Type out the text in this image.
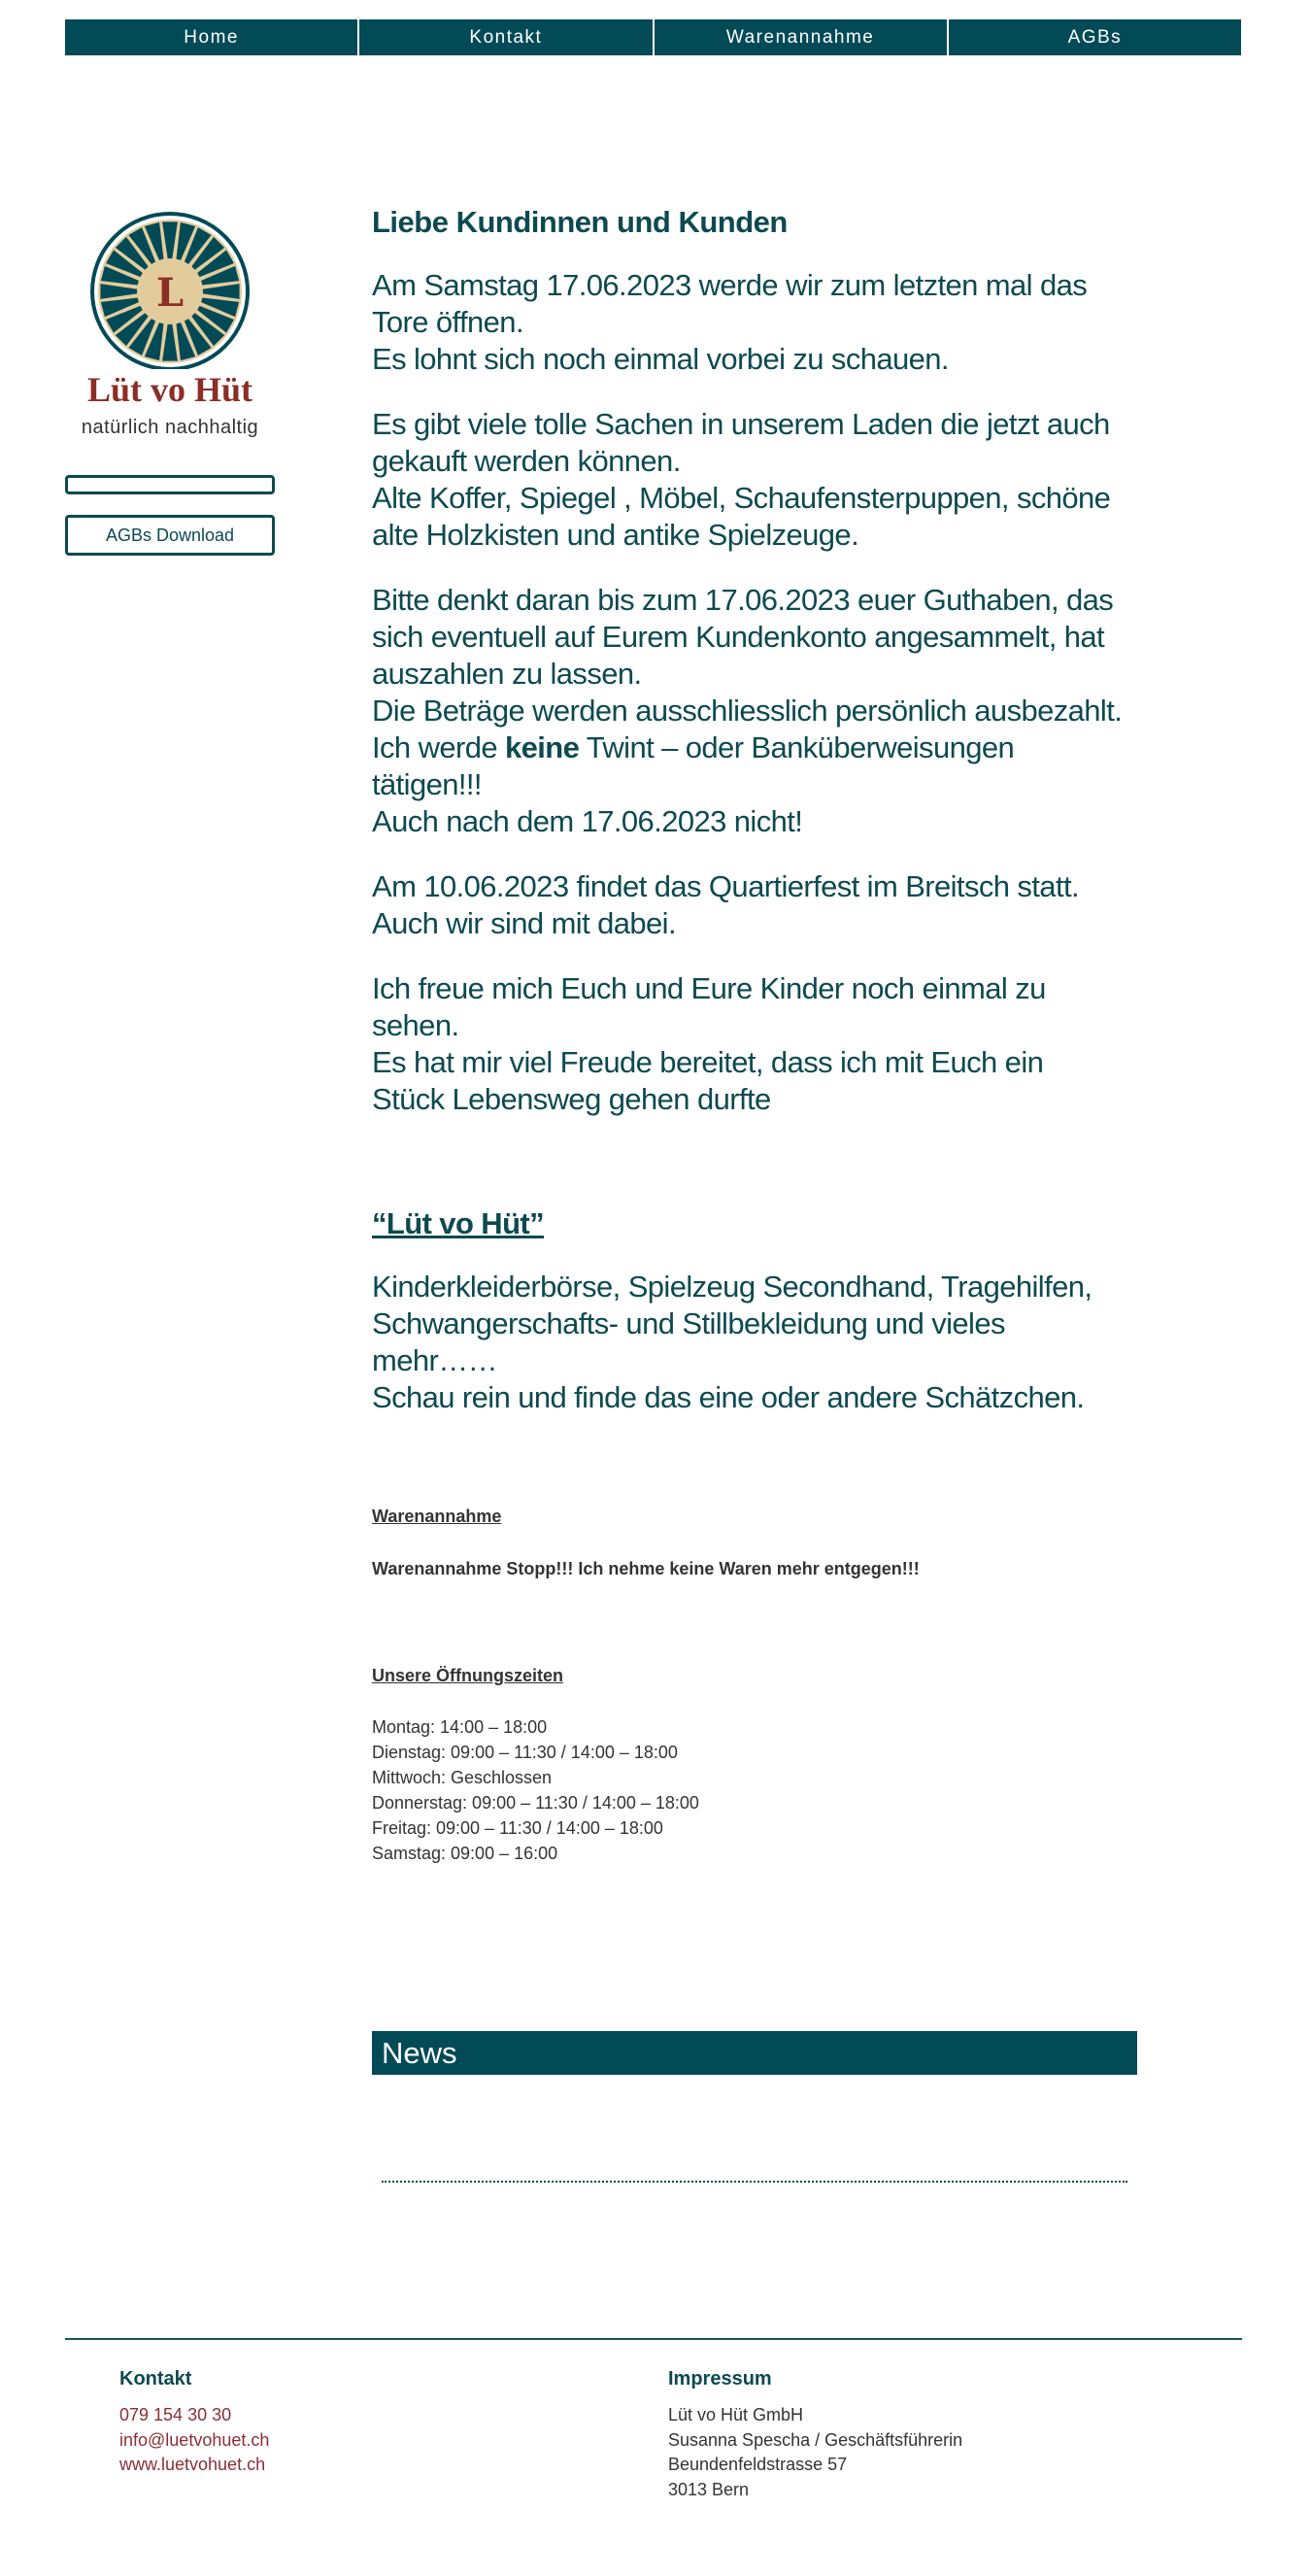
Home	Kontakt	Warenannahme	AGBs
L
Lüt vo Hüt
natürlich nachhaltig
AGBs Download
Liebe Kundinnen und Kunden
Am Samstag 17.06.2023 werde wir zum letzten mal das
Tore öffnen.
Es lohnt sich noch einmal vorbei zu schauen.
Es gibt viele tolle Sachen in unserem Laden die jetzt auch
gekauft werden können.
Alte Koffer, Spiegel , Möbel, Schaufensterpuppen, schöne
alte Holzkisten und antike Spielzeuge.
Bitte denkt daran bis zum 17.06.2023 euer Guthaben, das
sich eventuell auf Eurem Kundenkonto angesammelt, hat
auszahlen zu lassen.
Die Beträge werden ausschliesslich persönlich ausbezahlt.
Ich werde keine Twint – oder Banküberweisungen
tätigen!!!
Auch nach dem 17.06.2023 nicht!
Am 10.06.2023 findet das Quartierfest im Breitsch statt.
Auch wir sind mit dabei.
Ich freue mich Euch und Eure Kinder noch einmal zu
sehen.
Es hat mir viel Freude bereitet, dass ich mit Euch ein
Stück Lebensweg gehen durfte
“Lüt vo Hüt”
Kinderkleiderbörse, Spielzeug Secondhand, Tragehilfen,
Schwangerschafts- und Stillbekleidung und vieles
mehr……
Schau rein und finde das eine oder andere Schätzchen.
Warenannahme
Warenannahme Stopp!!! Ich nehme keine Waren mehr entgegen!!!
Unsere Öffnungszeiten
Montag: 14:00 – 18:00
Dienstag: 09:00 – 11:30 / 14:00 – 18:00
Mittwoch: Geschlossen
Donnerstag: 09:00 – 11:30 / 14:00 – 18:00
Freitag: 09:00 – 11:30 / 14:00 – 18:00
Samstag: 09:00 – 16:00
News
Kontakt
079 154 30 30
info@luetvohuet.ch
www.luetvohuet.ch
Impressum
Lüt vo Hüt GmbH
Susanna Spescha / Geschäftsführerin
Beundenfeldstrasse 57
3013 Bern
